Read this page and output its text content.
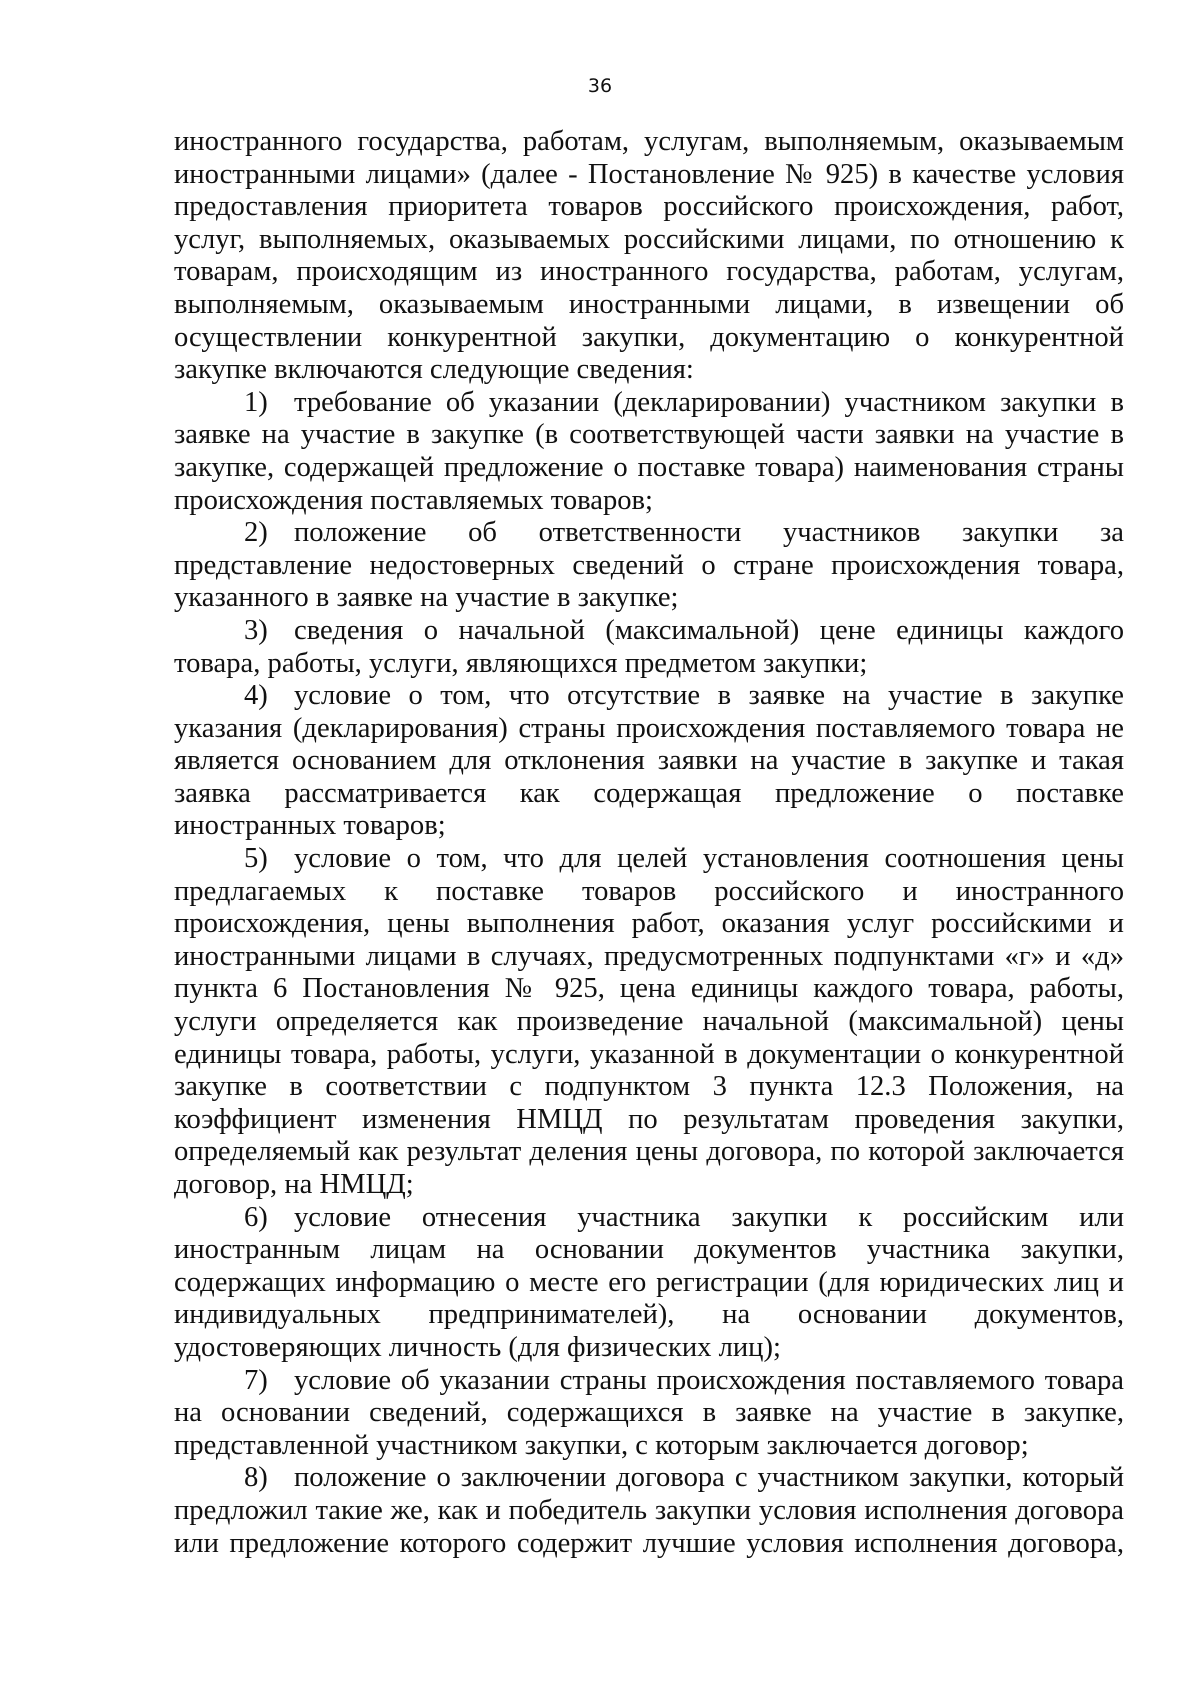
36

иностранного государства, работам, услугам, выполняемым, оказываемым
иностранными лицами» (далее - Постановление № 925) в качестве условия
предоставления приоритета товаров российского происхождения, работ,
услуг, выполняемых, оказываемых российскими лицами, по отношению к
товарам, происходящим из иностранного государства, работам, услугам,
выполняемым, оказываемым иностранными лицами, в извещении об
осуществлении конкурентной закупки, документацию о конкурентной
закупке включаются следующие сведения:

1) требование об указании (декларировании) участником закупки в
заявке на участие в закупке (в соответствующей части заявки на участие в
закупке, содержащей предложение о поставке товара) наименования страны
происхождения поставляемых товаров;

2) положение об ответственности участников закупки за
представление недостоверных сведений о стране происхождения товара,
указанного в заявке на участие в закупке;

3) сведения о начальной (максимальной) цене единицы каждого
товара, работы, услуги, являющихся предметом закупки;

4) условие о том, что отсутствие в заявке на участие в закупке
указания (декларирования) страны происхождения поставляемого товара не
является основанием для отклонения заявки на участие в закупке и такая
заявка рассматривается как содержащая предложение о поставке
иностранных товаров;

5) условие о том, что для целей установления соотношения цены
предлагаемых к поставке товаров российского и иностранного
происхождения, цены выполнения работ, оказания услуг российскими и
иностранными лицами в случаях, предусмотренных подпунктами «г» и «д»
пункта 6 Постановления № 925, цена единицы каждого товара, работы,
услуги определяется как произведение начальной (максимальной) цены
единицы товара, работы, услуги, указанной в документации о конкурентной
закупке в соответствии с подпунктом 3 пункта 12.3 Положения, на
коэффициент изменения НМЦД по результатам проведения закупки,
определяемый как результат деления цены договора, по которой заключается
договор, на НМЦД;

6) условие отнесения участника закупки к российским или
иностранным лицам на основании документов участника закупки,
содержащих информацию о месте его регистрации (для юридических лиц и
индивидуальных предпринимателей), на основании документов,
удостоверяющих личность (для физических лиц);

7) условие об указании страны происхождения поставляемого товара
на основании сведений, содержащихся в заявке на участие в закупке,
представленной участником закупки, с которым заключается договор;

8) положение о заключении договора с участником закупки, который
предложил такие же, как и победитель закупки условия исполнения договора
или предложение которого содержит лучшие условия исполнения договора,
